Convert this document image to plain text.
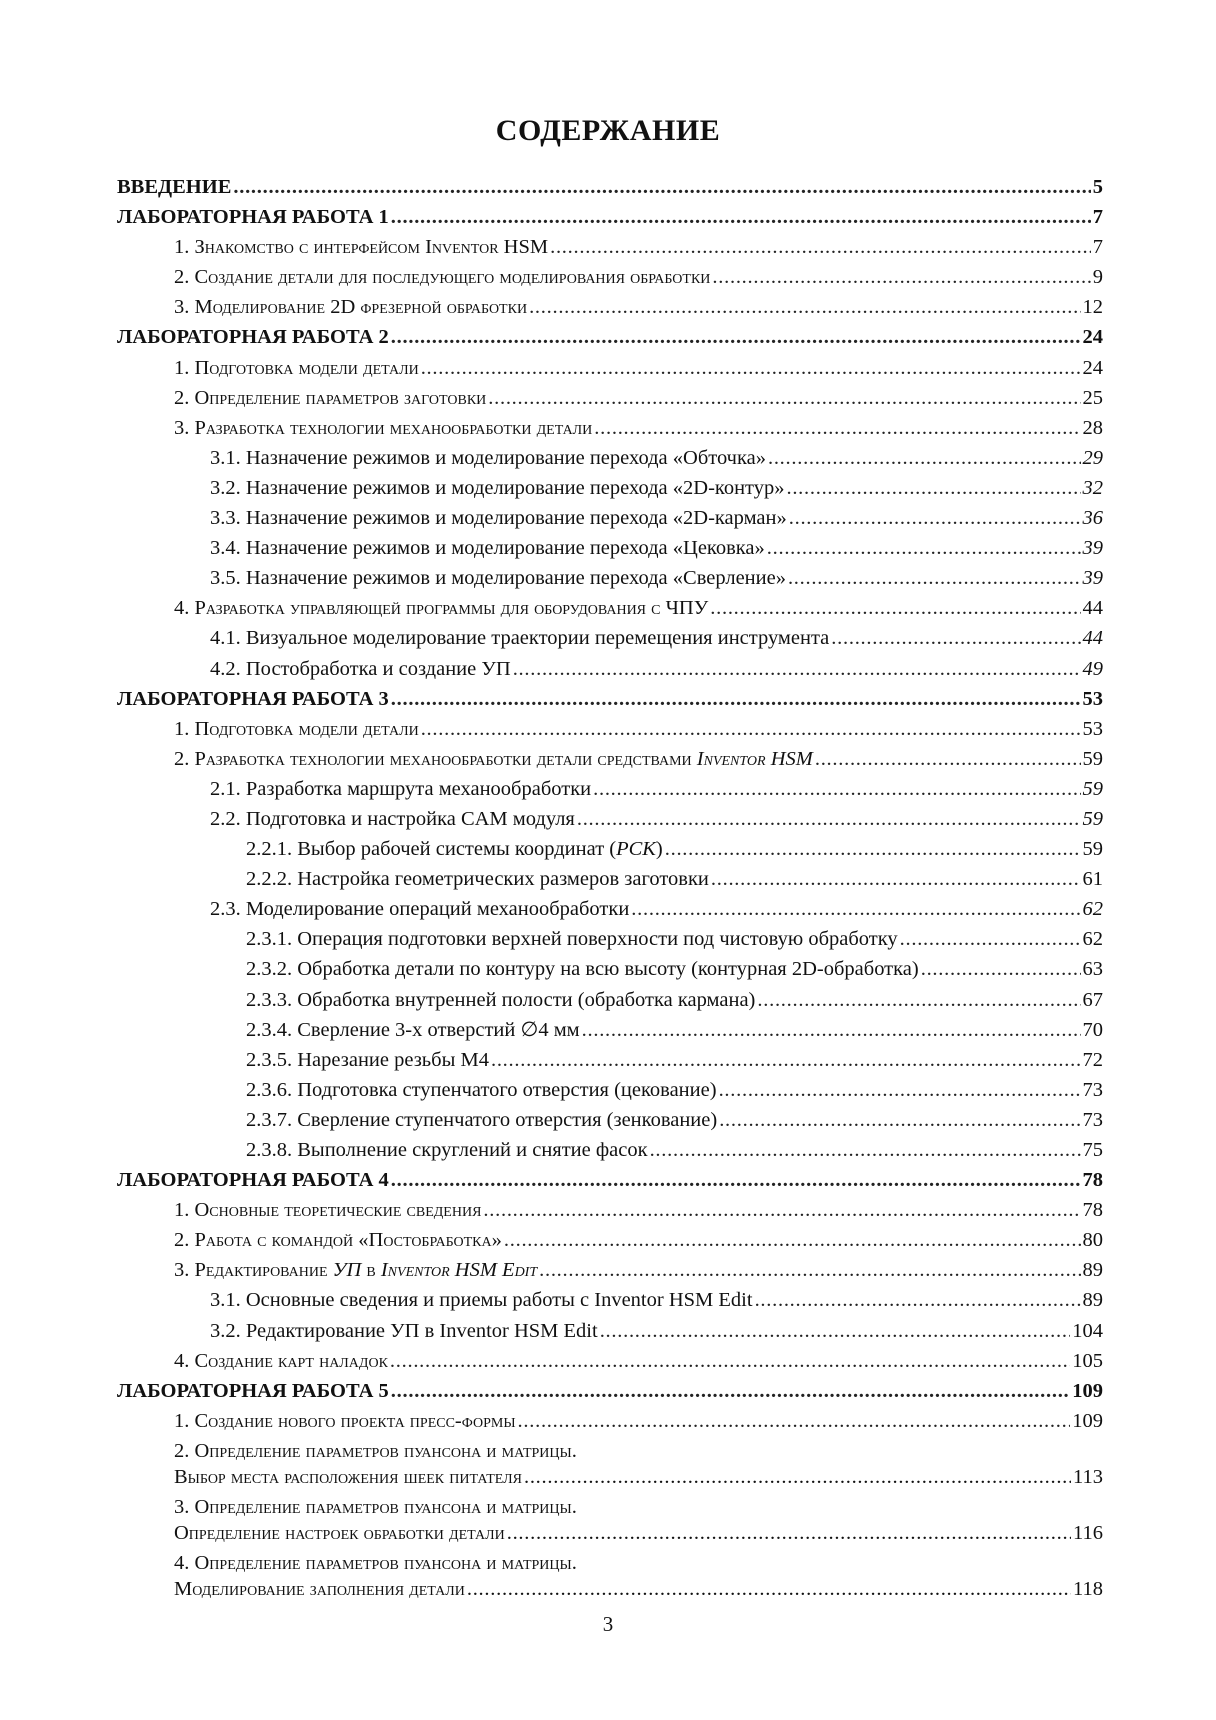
СОДЕРЖАНИЕ
ВВЕДЕНИЕ . . .	5
ЛАБОРАТОРНАЯ РАБОТА 1 . . .	7
1. Знакомство с интерфейсом Inventor HSM . . .	7
2. Создание детали для последующего моделирования обработки . . .	9
3. Моделирование 2D фрезерной обработки . . .	12
ЛАБОРАТОРНАЯ РАБОТА 2 . . .	24
1. Подготовка модели детали . . .	24
2. Определение параметров заготовки . . .	25
3. Разработка технологии механообработки детали . . .	28
3.1. Назначение режимов и моделирование перехода «Обточка» . . .	29
3.2. Назначение режимов и моделирование перехода «2D-контур» . . .	32
3.3. Назначение режимов и моделирование перехода «2D-карман» . . .	36
3.4. Назначение режимов и моделирование перехода «Цековка» . . .	39
3.5. Назначение режимов и моделирование перехода «Сверление» . . .	39
4. Разработка управляющей программы для оборудования с ЧПУ . . .	44
4.1. Визуальное моделирование траектории перемещения инструмента . . .	44
4.2. Постобработка и создание УП . . .	49
ЛАБОРАТОРНАЯ РАБОТА 3 . . .	53
1. Подготовка модели детали . . .	53
2. Разработка технологии механообработки детали средствами Inventor HSM . . .	59
2.1. Разработка маршрута механообработки . . .	59
2.2. Подготовка и настройка CAM модуля . . .	59
2.2.1. Выбор рабочей системы координат (РСК) . . .	59
2.2.2. Настройка геометрических размеров заготовки . . .	61
2.3. Моделирование операций механообработки . . .	62
2.3.1. Операция подготовки верхней поверхности под чистовую обработку . . .	62
2.3.2. Обработка детали по контуру на всю высоту (контурная 2D-обработка) . . .	63
2.3.3. Обработка внутренней полости (обработка кармана) . . .	67
2.3.4. Сверление 3-х отверстий ∅4 мм . . .	70
2.3.5. Нарезание резьбы М4 . . .	72
2.3.6. Подготовка ступенчатого отверстия (цекование) . . .	73
2.3.7. Сверление ступенчатого отверстия (зенкование) . . .	73
2.3.8. Выполнение скруглений и снятие фасок . . .	75
ЛАБОРАТОРНАЯ РАБОТА 4 . . .	78
1. Основные теоретические сведения . . .	78
2. Работа с командой «Постобработка» . . .	80
3. Редактирование УП в Inventor HSM Edit . . .	89
3.1. Основные сведения и приемы работы с Inventor HSM Edit . . .	89
3.2. Редактирование УП в Inventor HSM Edit . . .	104
4. Создание карт наладок . . .	105
ЛАБОРАТОРНАЯ РАБОТА 5 . . .	109
1. Создание нового проекта пресс-формы . . .	109
2. Определение параметров пуансона и матрицы.
Выбор места расположения шеек питателя . . .	113
3. Определение параметров пуансона и матрицы.
Определение настроек обработки детали . . .	116
4. Определение параметров пуансона и матрицы.
Моделирование заполнения детали . . .	118
3
